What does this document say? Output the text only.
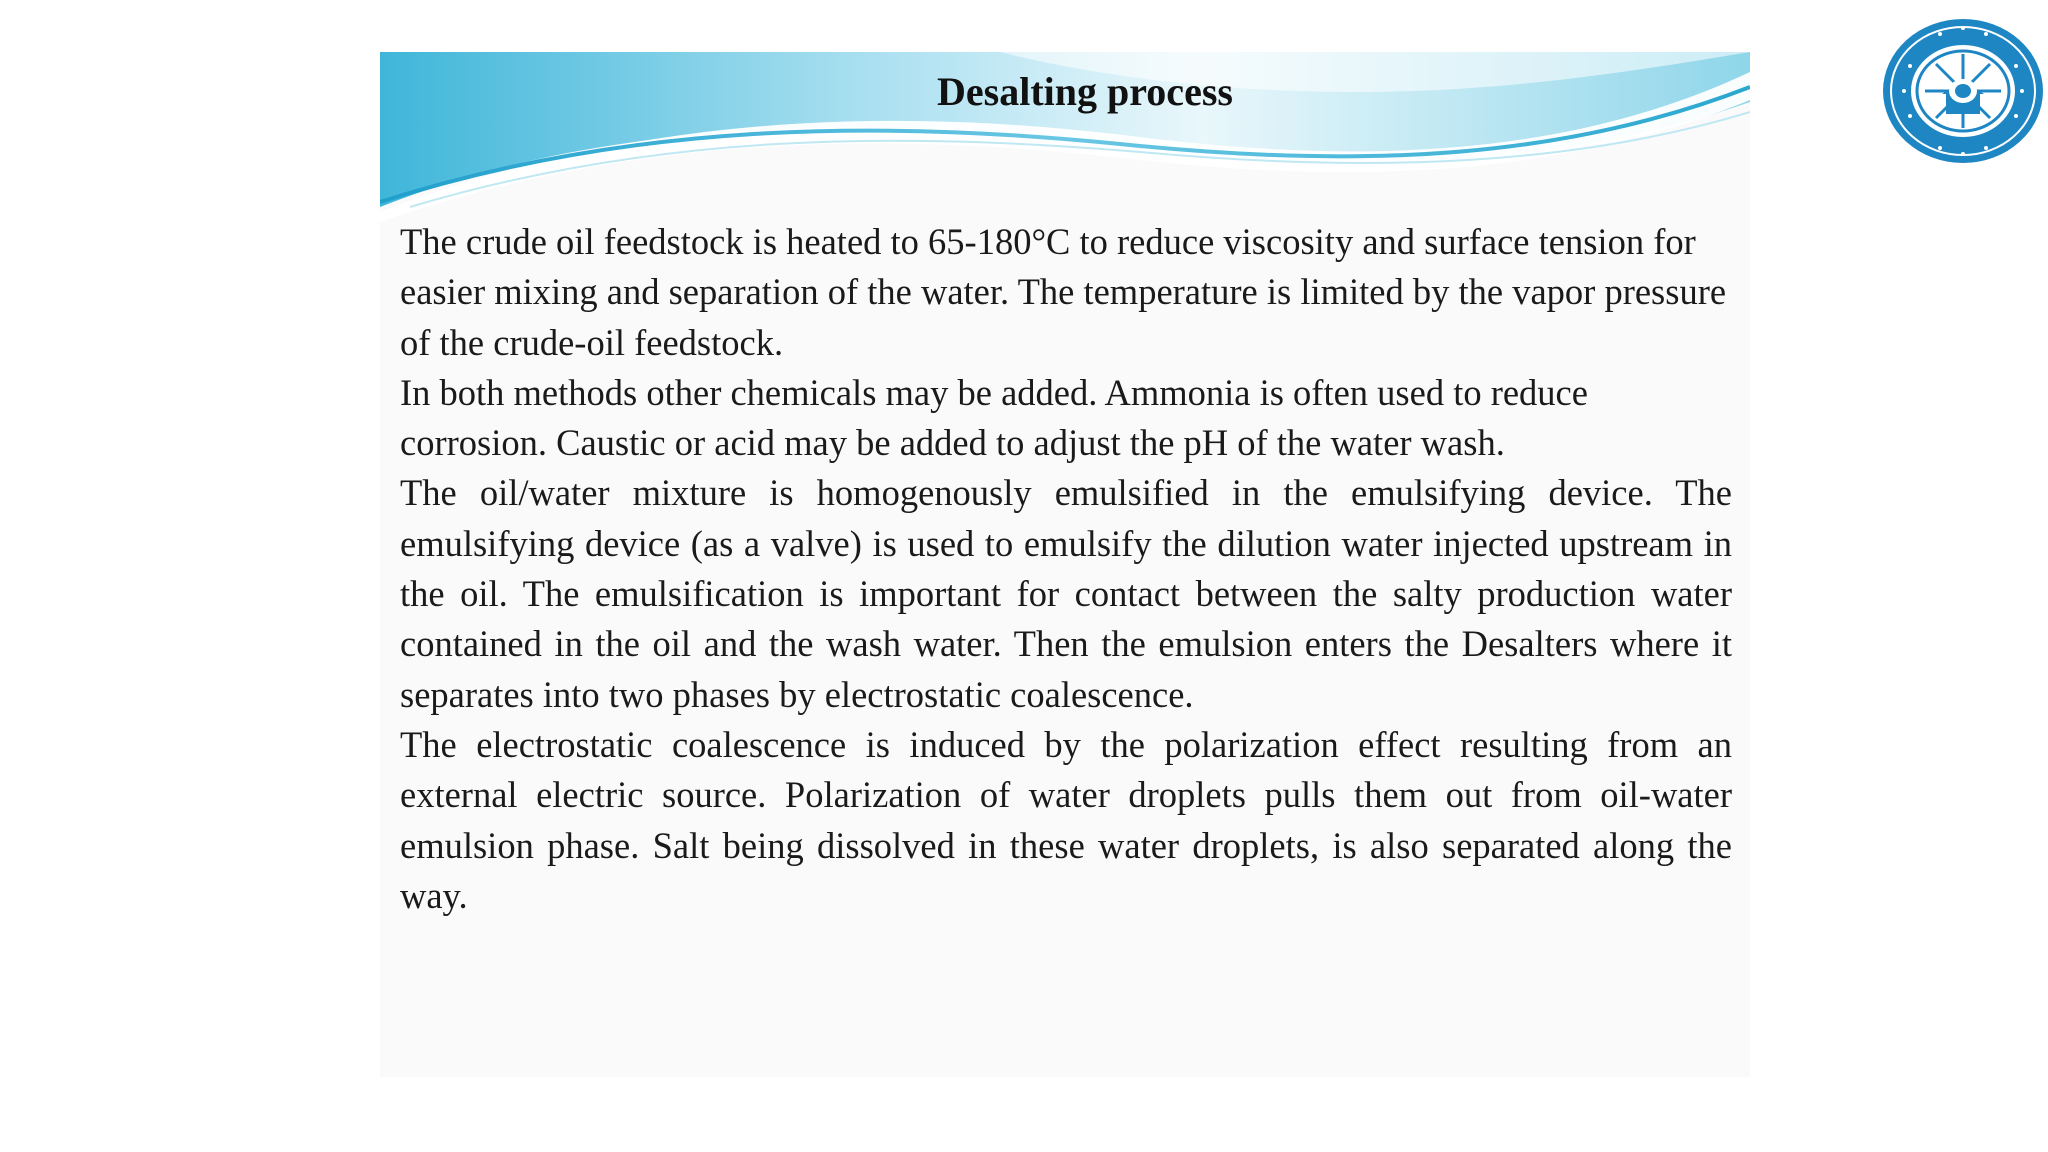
Desalting process

The crude oil feedstock is heated to 65-180°C to reduce viscosity and surface tension for easier mixing and separation of the water. The temperature is limited by the vapor pressure of the crude-oil feedstock.

In both methods other chemicals may be added. Ammonia is often used to reduce corrosion. Caustic or acid may be added to adjust the pH of the water wash.

The oil/water mixture is homogenously emulsified in the emulsifying device. The emulsifying device (as a valve) is used to emulsify the dilution water injected upstream in the oil. The emulsification is important for contact between the salty production water contained in the oil and the wash water. Then the emulsion enters the Desalters where it separates into two phases by electrostatic coalescence.

The electrostatic coalescence is induced by the polarization effect resulting from an external electric source. Polarization of water droplets pulls them out from oil-water emulsion phase. Salt being dissolved in these water droplets, is also separated along the way.
